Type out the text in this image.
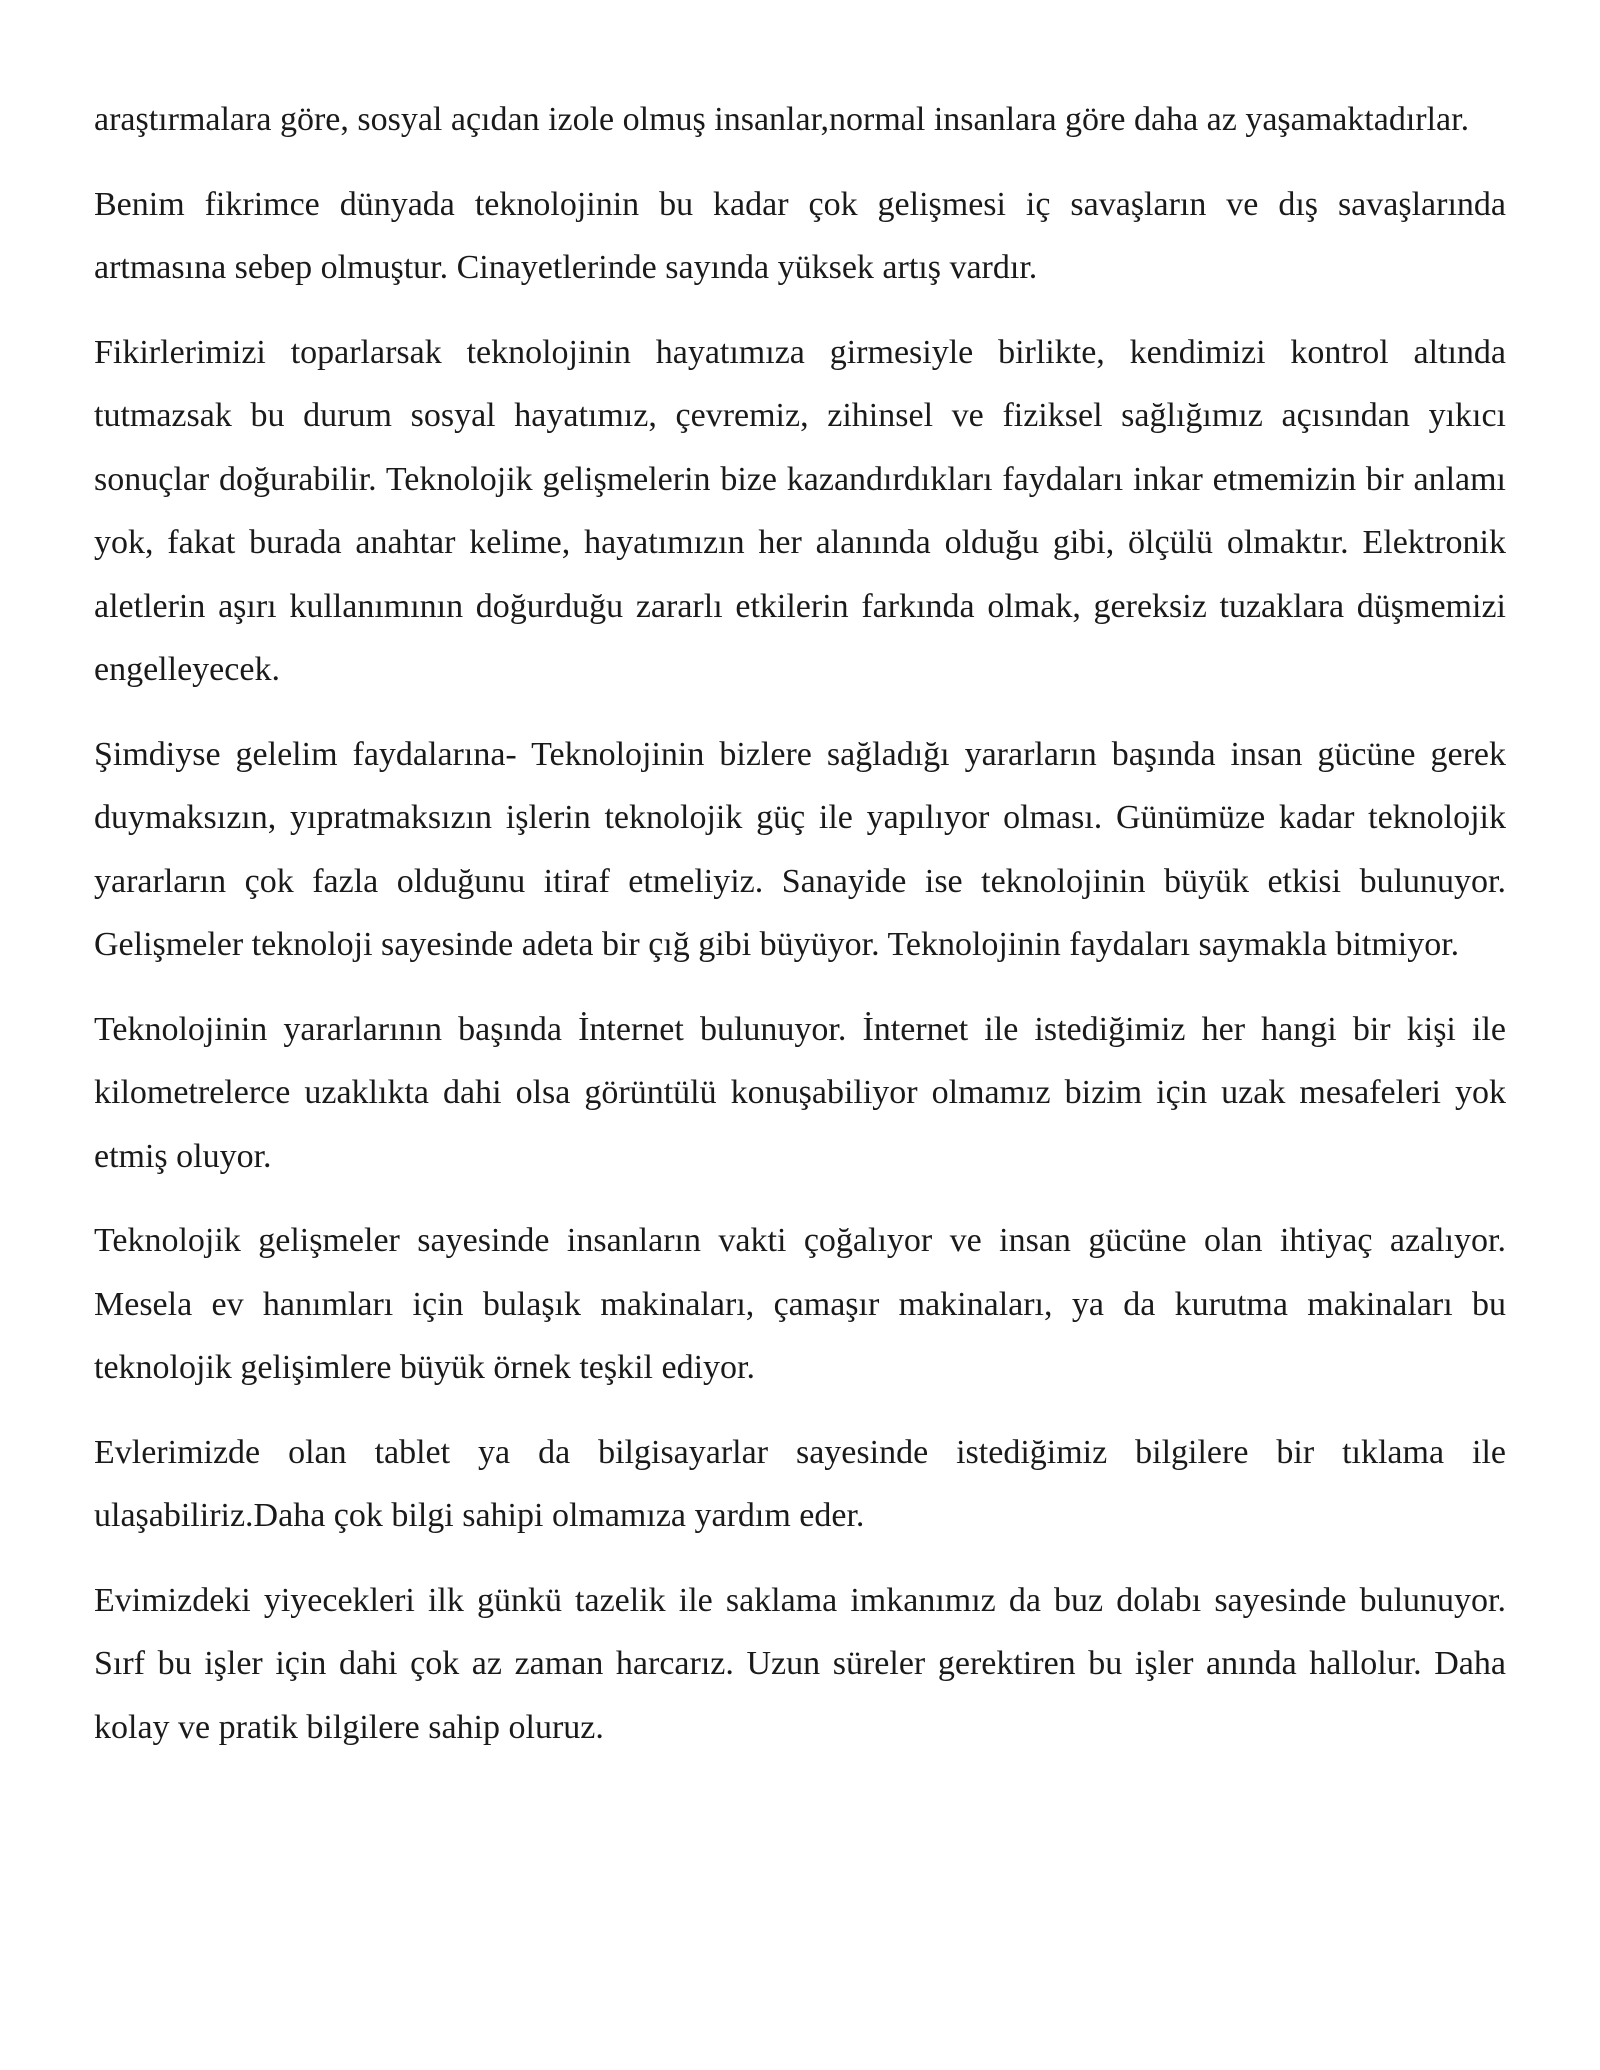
araştırmalara göre, sosyal açıdan izole olmuş insanlar,normal insanlara göre daha az yaşamaktadırlar.

Benim fikrimce dünyada teknolojinin bu kadar çok gelişmesi iç savaşların ve dış savaşlarında artmasına sebep olmuştur. Cinayetlerinde sayında yüksek artış vardır.

Fikirlerimizi toparlarsak teknolojinin hayatımıza girmesiyle birlikte, kendimizi kontrol altında tutmazsak bu durum sosyal hayatımız, çevremiz, zihinsel ve fiziksel sağlığımız açısından yıkıcı sonuçlar doğurabilir. Teknolojik gelişmelerin bize kazandırdıkları faydaları inkar etmemizin bir anlamı yok, fakat burada anahtar kelime, hayatımızın her alanında olduğu gibi, ölçülü olmaktır. Elektronik aletlerin aşırı kullanımının doğurduğu zararlı etkilerin farkında olmak, gereksiz tuzaklara düşmemizi engelleyecek.

Şimdiyse gelelim faydalarına- Teknolojinin bizlere sağladığı yararların başında insan gücüne gerek duymaksızın, yıpratmaksızın işlerin teknolojik güç ile yapılıyor olması. Günümüze kadar teknolojik yararların çok fazla olduğunu itiraf etmeliyiz. Sanayide ise teknolojinin büyük etkisi bulunuyor. Gelişmeler teknoloji sayesinde adeta bir çığ gibi büyüyor. Teknolojinin faydaları saymakla bitmiyor.

Teknolojinin yararlarının başında İnternet bulunuyor. İnternet ile istediğimiz her hangi bir kişi ile kilometrelerce uzaklıkta dahi olsa görüntülü konuşabiliyor olmamız bizim için uzak mesafeleri yok etmiş oluyor.

Teknolojik gelişmeler sayesinde insanların vakti çoğalıyor ve insan gücüne olan ihtiyaç azalıyor. Mesela ev hanımları için bulaşık makinaları, çamaşır makinaları, ya da kurutma makinaları bu teknolojik gelişimlere büyük örnek teşkil ediyor.

Evlerimizde olan tablet ya da bilgisayarlar sayesinde istediğimiz bilgilere bir tıklama ile ulaşabiliriz.Daha çok bilgi sahipi olmamıza yardım eder.

Evimizdeki yiyecekleri ilk günkü tazelik ile saklama imkanımız da buz dolabı sayesinde bulunuyor. Sırf bu işler için dahi çok az zaman harcarız. Uzun süreler gerektiren bu işler anında hallolur. Daha kolay ve pratik bilgilere sahip oluruz.
